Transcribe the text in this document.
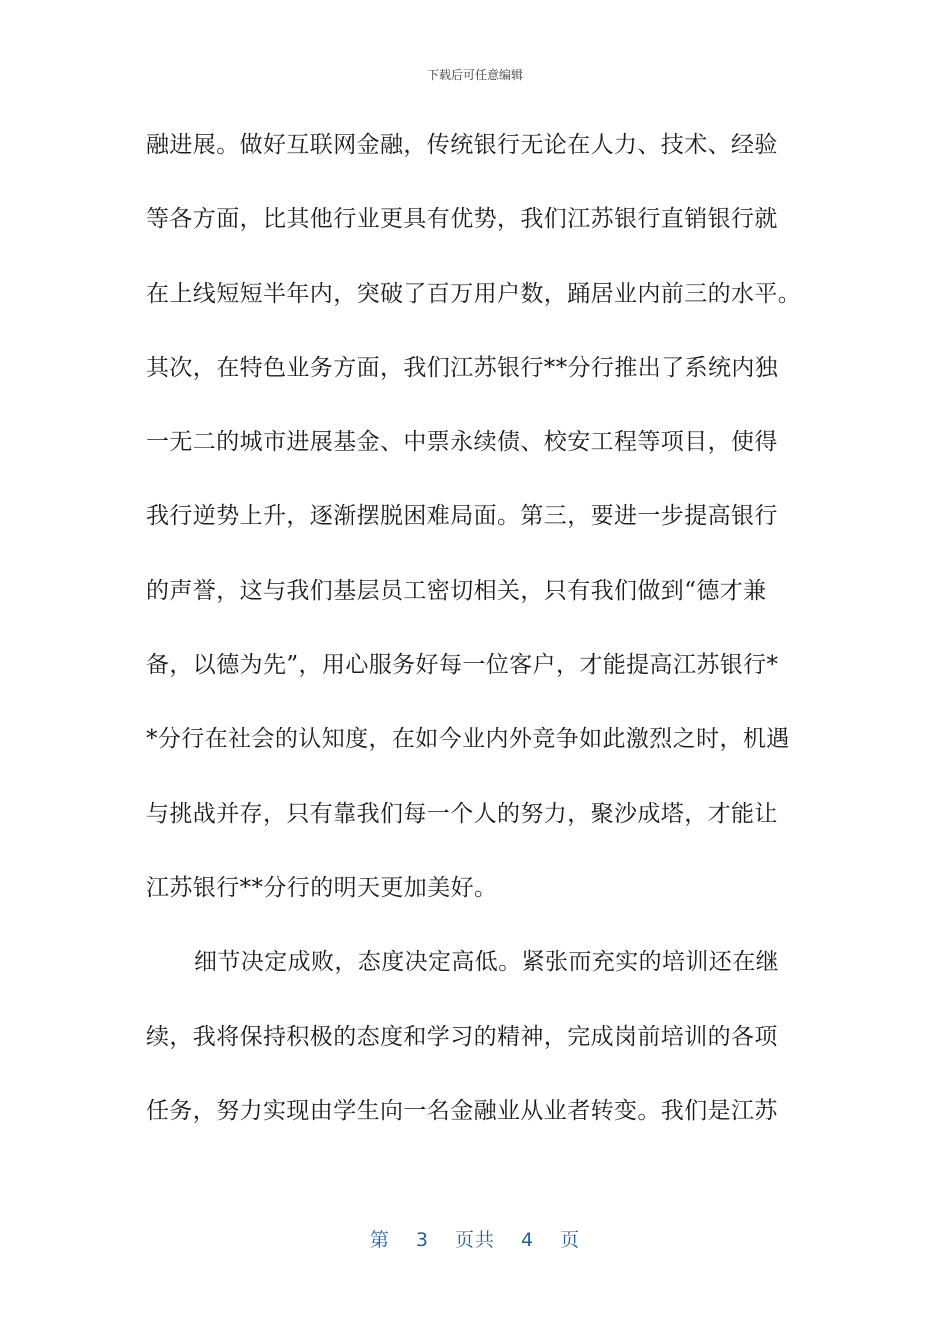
下载后可任意编辑
融进展。做好互联网金融，传统银行无论在人力、技术、经验
等各方面，比其他行业更具有优势，我们江苏银行直销银行就
在上线短短半年内，突破了百万用户数，踊居业内前三的水平。
其次，在特色业务方面，我们江苏银行**分行推出了系统内独
一无二的城市进展基金、中票永续债、校安工程等项目，使得
我行逆势上升，逐渐摆脱困难局面。第三，要进一步提高银行
的声誉，这与我们基层员工密切相关，只有我们做到“德才兼
备，以德为先”，用心服务好每一位客户，才能提高江苏银行*
*分行在社会的认知度，在如今业内外竞争如此激烈之时，机遇
与挑战并存，只有靠我们每一个人的努力，聚沙成塔，才能让
江苏银行**分行的明天更加美好。
细节决定成败，态度决定高低。紧张而充实的培训还在继
续，我将保持积极的态度和学习的精神，完成岗前培训的各项
任务，努力实现由学生向一名金融业从业者转变。我们是江苏
第 3 页共 4 页
